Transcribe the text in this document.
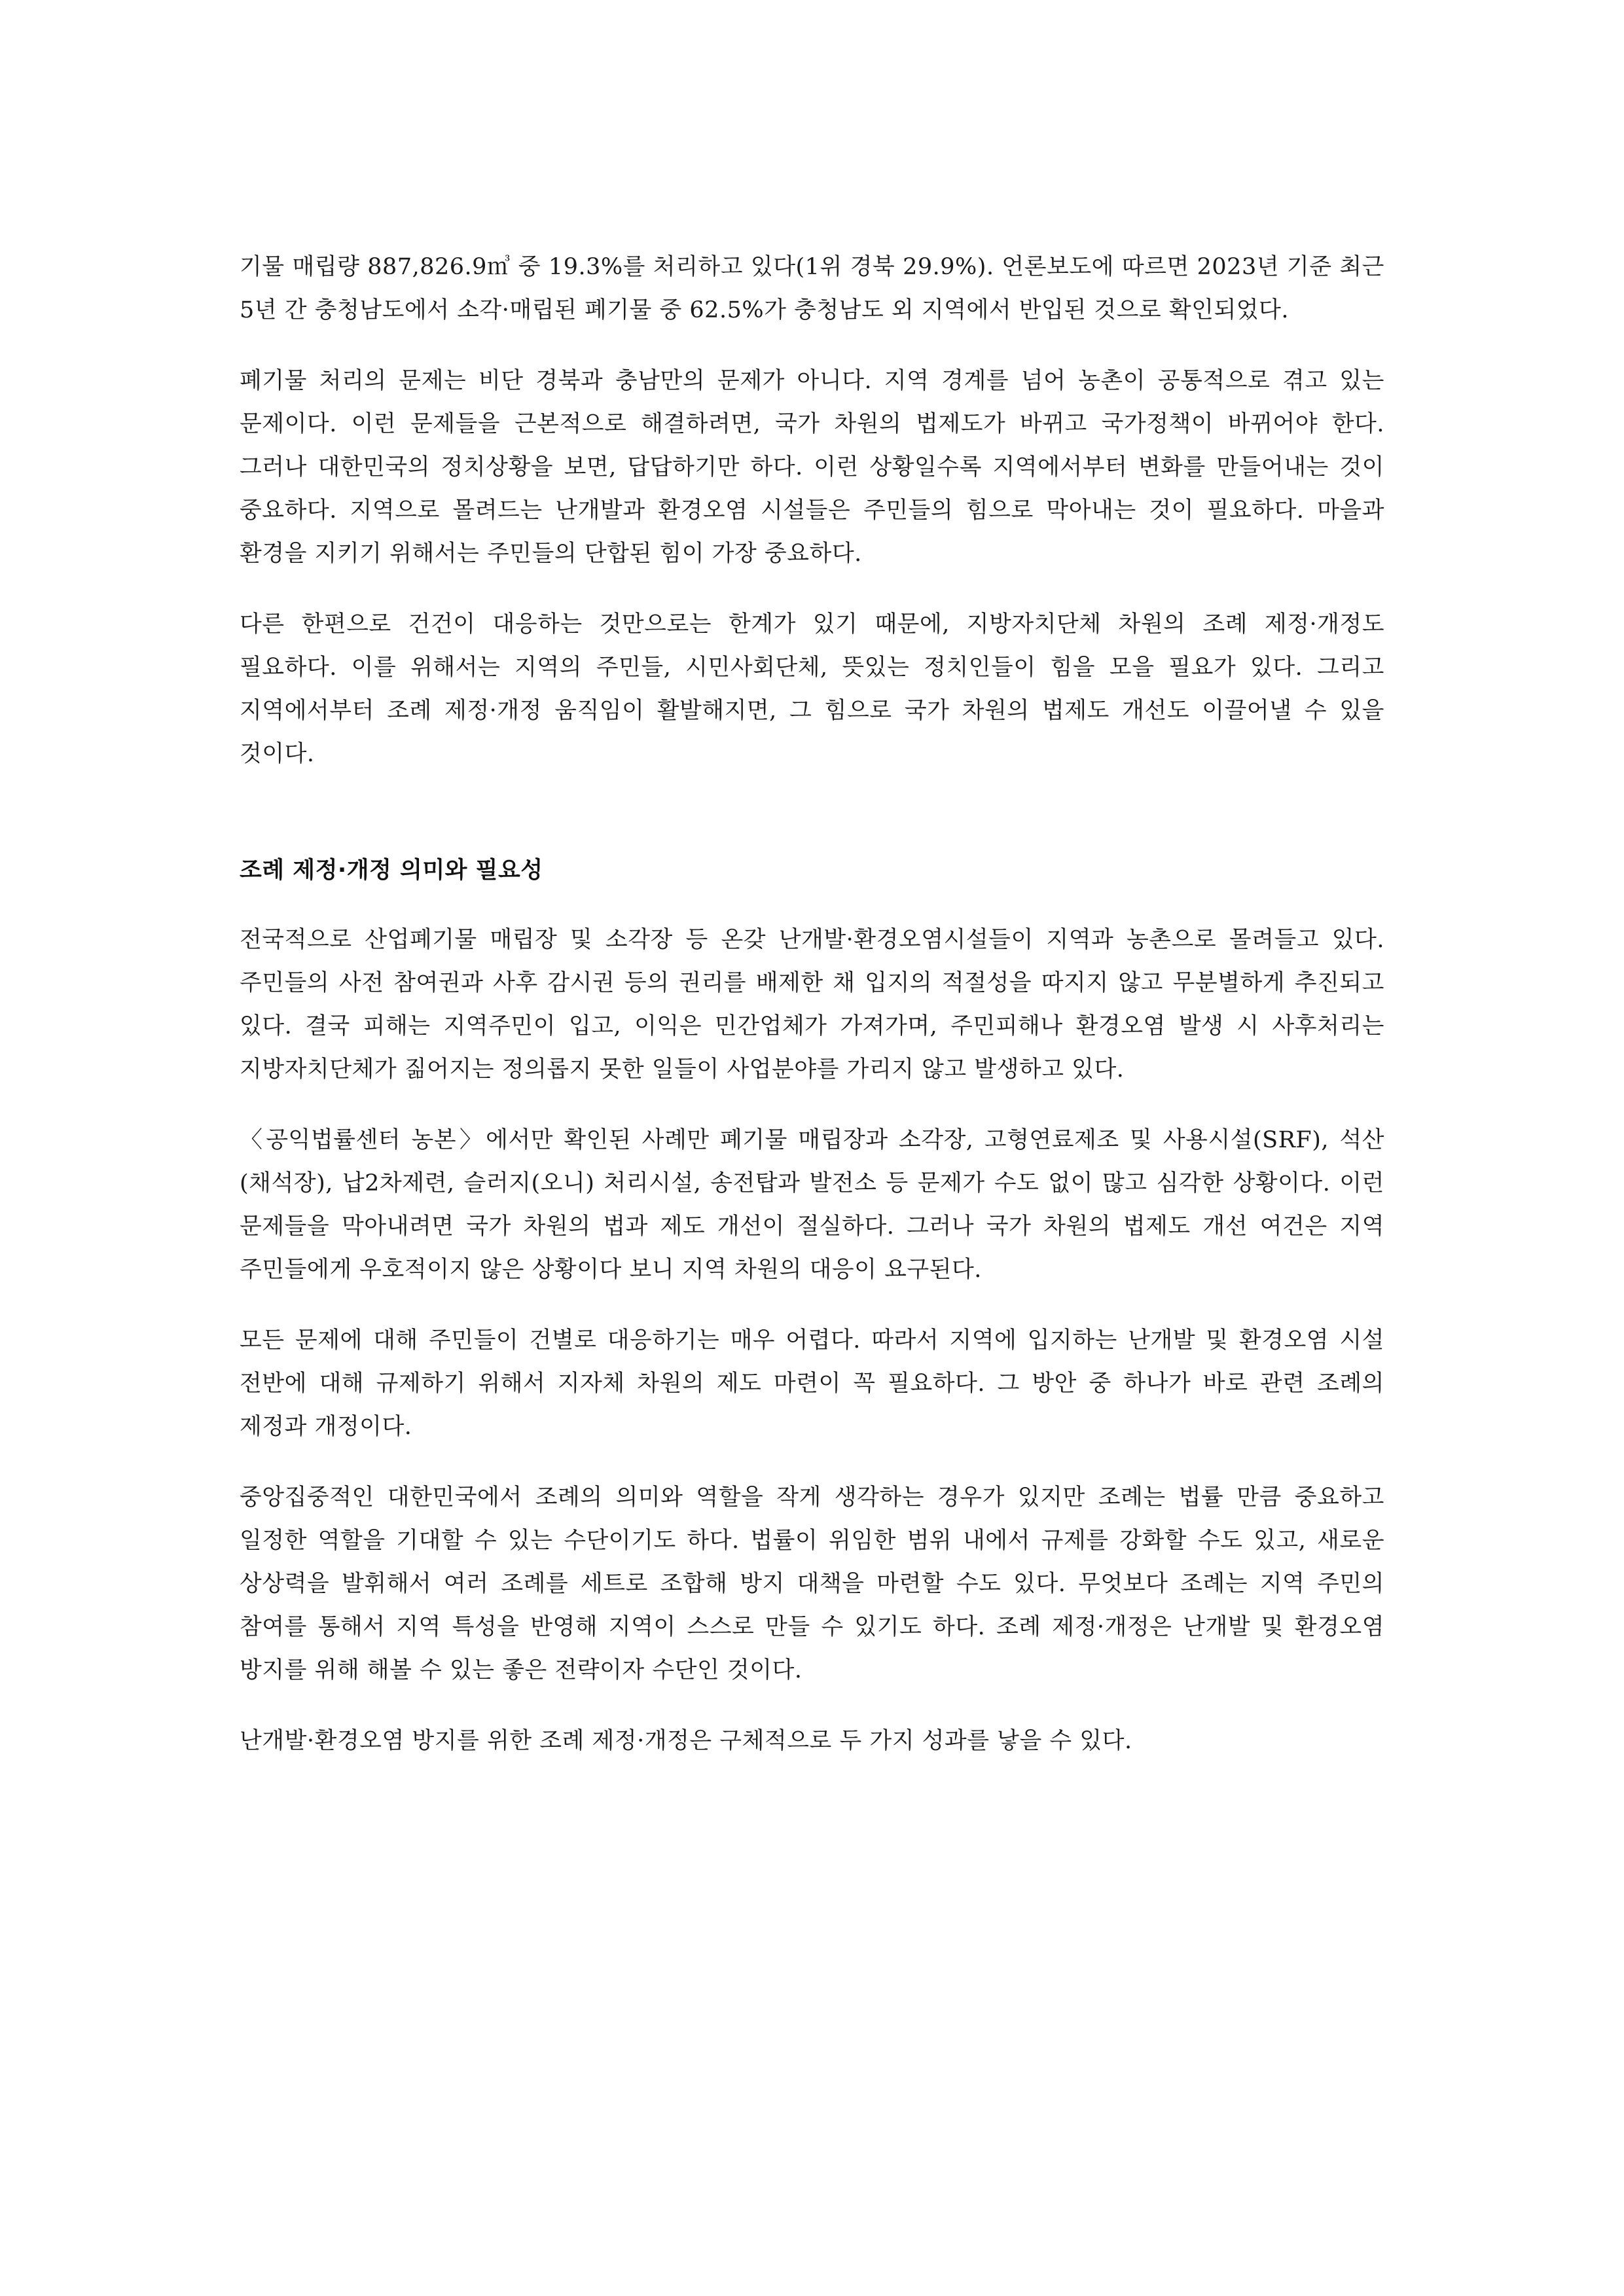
기물 매립량 887,826.9㎥ 중 19.3%를 처리하고 있다(1위 경북 29.9%). 언론보도에 따르면 2023년 기준 최근 5년 간 충청남도에서 소각·매립된 폐기물 중 62.5%가 충청남도 외 지역에서 반입된 것으로 확인되었다.

폐기물 처리의 문제는 비단 경북과 충남만의 문제가 아니다. 지역 경계를 넘어 농촌이 공통적으로 겪고 있는 문제이다. 이런 문제들을 근본적으로 해결하려면, 국가 차원의 법제도가 바뀌고 국가정책이 바뀌어야 한다. 그러나 대한민국의 정치상황을 보면, 답답하기만 하다. 이런 상황일수록 지역에서부터 변화를 만들어내는 것이 중요하다. 지역으로 몰려드는 난개발과 환경오염 시설들은 주민들의 힘으로 막아내는 것이 필요하다. 마을과 환경을 지키기 위해서는 주민들의 단합된 힘이 가장 중요하다.

다른 한편으로 건건이 대응하는 것만으로는 한계가 있기 때문에, 지방자치단체 차원의 조례 제정·개정도 필요하다. 이를 위해서는 지역의 주민들, 시민사회단체, 뜻있는 정치인들이 힘을 모을 필요가 있다. 그리고 지역에서부터 조례 제정·개정 움직임이 활발해지면, 그 힘으로 국가 차원의 법제도 개선도 이끌어낼 수 있을 것이다.

조례 제정·개정 의미와 필요성

전국적으로 산업폐기물 매립장 및 소각장 등 온갖 난개발·환경오염시설들이 지역과 농촌으로 몰려들고 있다. 주민들의 사전 참여권과 사후 감시권 등의 권리를 배제한 채 입지의 적절성을 따지지 않고 무분별하게 추진되고 있다. 결국 피해는 지역주민이 입고, 이익은 민간업체가 가져가며, 주민피해나 환경오염 발생 시 사후처리는 지방자치단체가 짊어지는 정의롭지 못한 일들이 사업분야를 가리지 않고 발생하고 있다.

〈공익법률센터 농본〉에서만 확인된 사례만 폐기물 매립장과 소각장, 고형연료제조 및 사용시설(SRF), 석산(채석장), 납2차제련, 슬러지(오니) 처리시설, 송전탑과 발전소 등 문제가 수도 없이 많고 심각한 상황이다. 이런 문제들을 막아내려면 국가 차원의 법과 제도 개선이 절실하다. 그러나 국가 차원의 법제도 개선 여건은 지역 주민들에게 우호적이지 않은 상황이다 보니 지역 차원의 대응이 요구된다.

모든 문제에 대해 주민들이 건별로 대응하기는 매우 어렵다. 따라서 지역에 입지하는 난개발 및 환경오염 시설 전반에 대해 규제하기 위해서 지자체 차원의 제도 마련이 꼭 필요하다. 그 방안 중 하나가 바로 관련 조례의 제정과 개정이다.

중앙집중적인 대한민국에서 조례의 의미와 역할을 작게 생각하는 경우가 있지만 조례는 법률 만큼 중요하고 일정한 역할을 기대할 수 있는 수단이기도 하다. 법률이 위임한 범위 내에서 규제를 강화할 수도 있고, 새로운 상상력을 발휘해서 여러 조례를 세트로 조합해 방지 대책을 마련할 수도 있다. 무엇보다 조례는 지역 주민의 참여를 통해서 지역 특성을 반영해 지역이 스스로 만들 수 있기도 하다. 조례 제정·개정은 난개발 및 환경오염 방지를 위해 해볼 수 있는 좋은 전략이자 수단인 것이다.

난개발·환경오염 방지를 위한 조례 제정·개정은 구체적으로 두 가지 성과를 낳을 수 있다.
